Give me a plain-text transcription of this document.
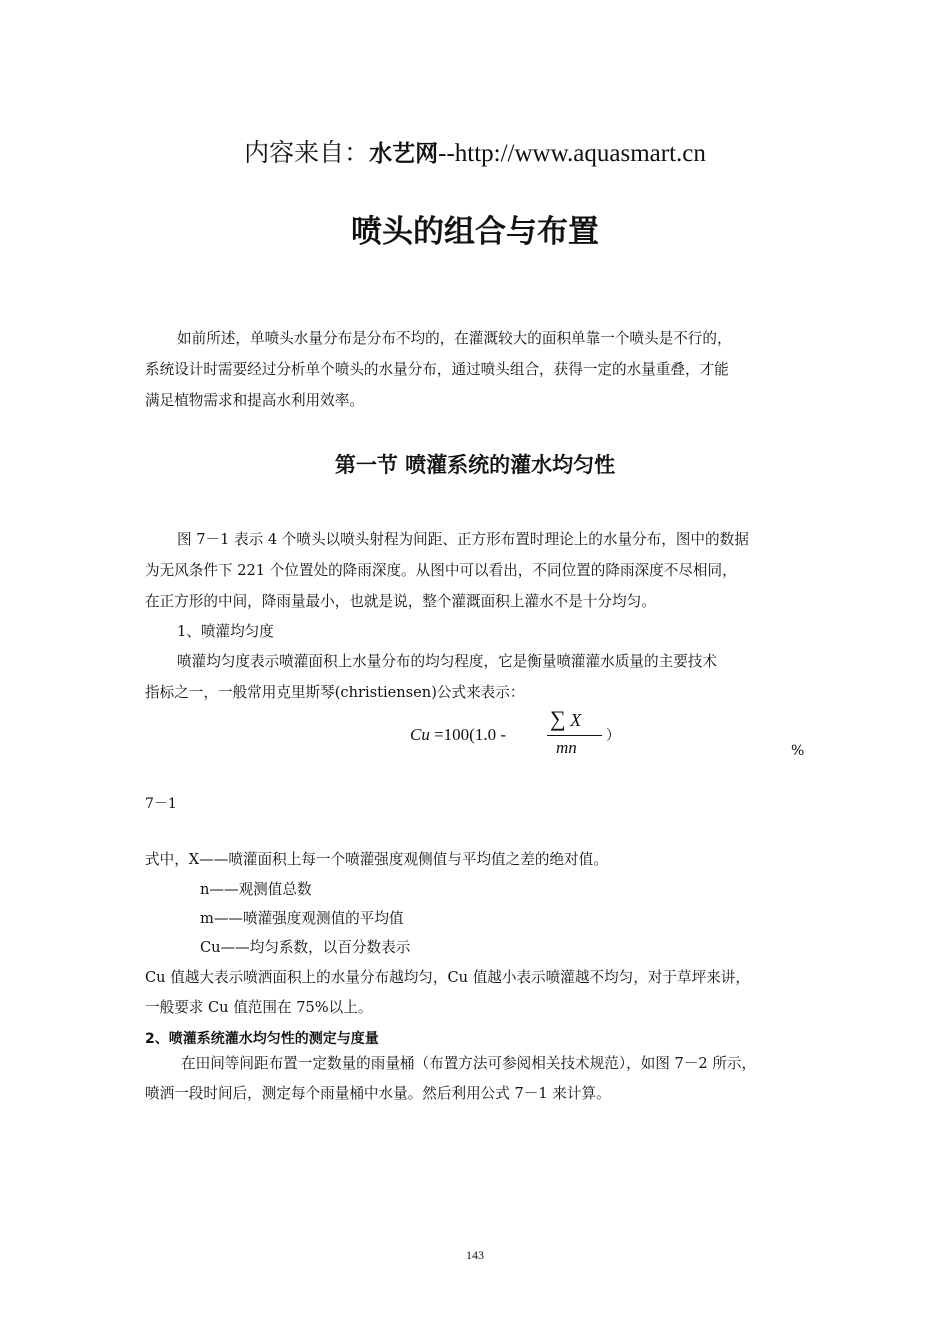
内容来自：水艺网--http://www.aquasmart.cn
喷头的组合与布置
如前所述，单喷头水量分布是分布不均的，在灌溉较大的面积单靠一个喷头是不行的，
系统设计时需要经过分析单个喷头的水量分布，通过喷头组合，获得一定的水量重叠，才能
满足植物需求和提高水利用效率。
第一节 喷灌系统的灌水均匀性
图 7－1 表示 4 个喷头以喷头射程为间距、正方形布置时理论上的水量分布，图中的数据
为无风条件下 221 个位置处的降雨深度。从图中可以看出，不同位置的降雨深度不尽相同，
在正方形的中间，降雨量最小，也就是说，整个灌溉面积上灌水不是十分均匀。
1、喷灌均匀度
喷灌均匀度表示喷灌面积上水量分布的均匀程度，它是衡量喷灌灌水质量的主要技术
指标之一，一般常用克里斯琴(christiensen)公式来表示：
Cu =100(1.0 -
∑ X
mn
）
%
7－1
式中，X——喷灌面积上每一个喷灌强度观侧值与平均值之差的绝对值。
n——观测值总数
m——喷灌强度观测值的平均值
Cu——均匀系数，以百分数表示
Cu 值越大表示喷洒面积上的水量分布越均匀，Cu 值越小表示喷灌越不均匀，对于草坪来讲，
一般要求 Cu 值范围在 75%以上。
2、喷灌系统灌水均匀性的测定与度量
在田间等间距布置一定数量的雨量桶（布置方法可参阅相关技术规范），如图 7－2 所示，
喷洒一段时间后，测定每个雨量桶中水量。然后利用公式 7－1 来计算。
143
